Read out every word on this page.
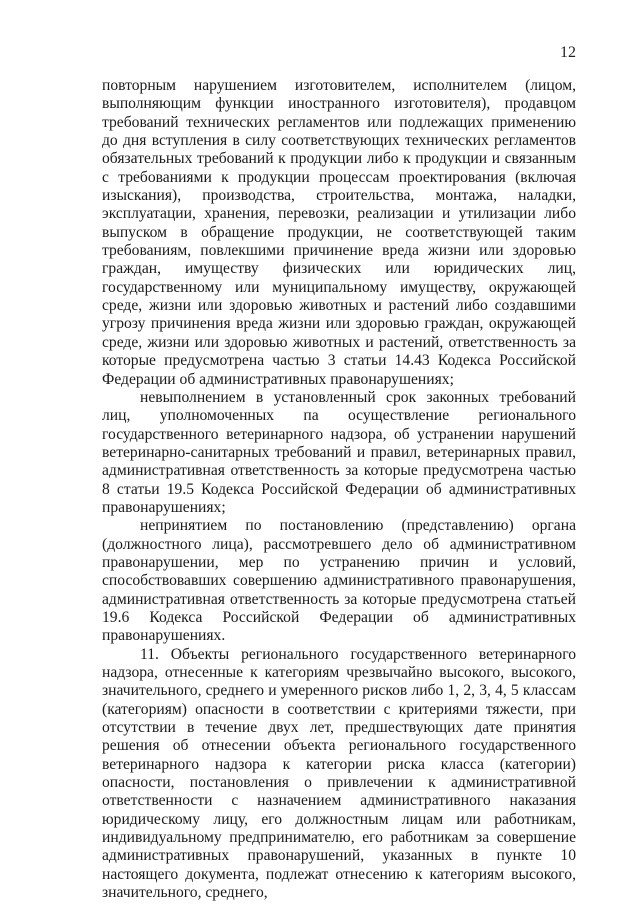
12

повторным нарушением изготовителем, исполнителем (лицом, выполняющим функции иностранного изготовителя), продавцом требований технических регламентов или подлежащих применению до дня вступления в силу соответствующих технических регламентов обязательных требований к продукции либо к продукции и связанным с требованиями к продукции процессам проектирования (включая изыскания), производства, строительства, монтажа, наладки, эксплуатации, хранения, перевозки, реализации и утилизации либо выпуском в обращение продукции, не соответствующей таким требованиям, повлекшими причинение вреда жизни или здоровью граждан, имуществу физических или юридических лиц, государственному или муниципальному имуществу, окружающей среде, жизни или здоровью животных и растений либо создавшими угрозу причинения вреда жизни или здоровью граждан, окружающей среде, жизни или здоровью животных и растений, ответственность за которые предусмотрена частью 3 статьи 14.43 Кодекса Российской Федерации об административных правонарушениях;

невыполнением в установленный срок законных требований лиц, уполномоченных па осуществление регионального государственного ветеринарного надзора, об устранении нарушений ветеринарно-санитарных требований и правил, ветеринарных правил, административная ответственность за которые предусмотрена частью 8 статьи 19.5 Кодекса Российской Федерации об административных правонарушениях;

непринятием по постановлению (представлению) органа (должностного лица), рассмотревшего дело об административном правонарушении, мер по устранению причин и условий, способствовавших совершению административного правонарушения, административная ответственность за которые предусмотрена статьей 19.6 Кодекса Российской Федерации об административных правонарушениях.

11. Объекты регионального государственного ветеринарного надзора, отнесенные к категориям чрезвычайно высокого, высокого, значительного, среднего и умеренного рисков либо 1, 2, 3, 4, 5 классам (категориям) опасности в соответствии с критериями тяжести, при отсутствии в течение двух лет, предшествующих дате принятия решения об отнесении объекта регионального государственного ветеринарного надзора к категории риска класса (категории) опасности, постановления о привлечении к административной ответственности с назначением административного наказания юридическому лицу, его должностным лицам или работникам, индивидуальному предпринимателю, его работникам за совершение административных правонарушений, указанных в пункте 10 настоящего документа, подлежат отнесению к категориям высокого, значительного, среднего,
